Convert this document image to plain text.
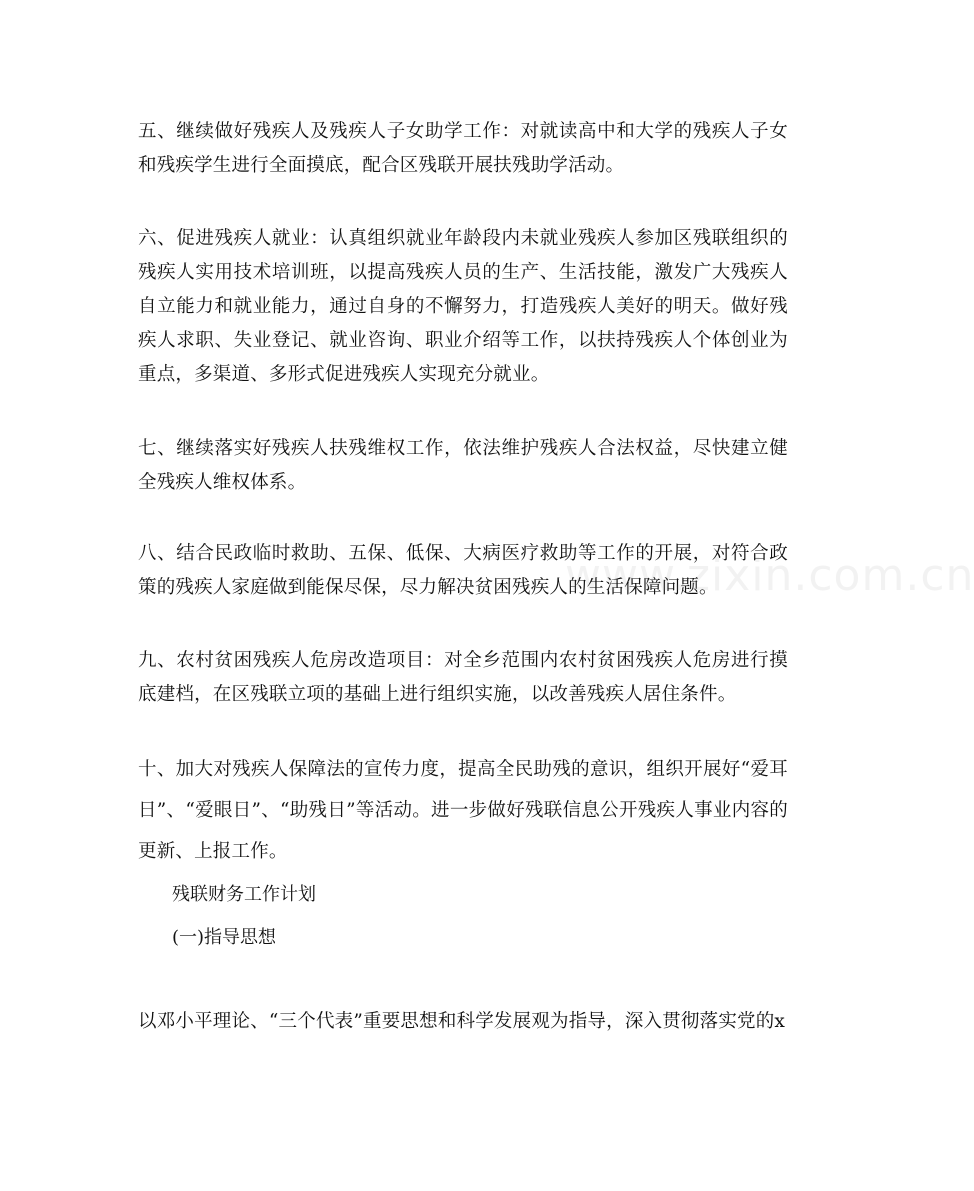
五、继续做好残疾人及残疾人子女助学工作：对就读高中和大学的残疾人子女和残疾学生进行全面摸底，配合区残联开展扶残助学活动。

六、促进残疾人就业：认真组织就业年龄段内未就业残疾人参加区残联组织的残疾人实用技术培训班，以提高残疾人员的生产、生活技能，激发广大残疾人自立能力和就业能力，通过自身的不懈努力，打造残疾人美好的明天。做好残疾人求职、失业登记、就业咨询、职业介绍等工作，以扶持残疾人个体创业为重点，多渠道、多形式促进残疾人实现充分就业。

七、继续落实好残疾人扶残维权工作，依法维护残疾人合法权益，尽快建立健全残疾人维权体系。

八、结合民政临时救助、五保、低保、大病医疗救助等工作的开展，对符合政策的残疾人家庭做到能保尽保，尽力解决贫困残疾人的生活保障问题。

九、农村贫困残疾人危房改造项目：对全乡范围内农村贫困残疾人危房进行摸底建档，在区残联立项的基础上进行组织实施，以改善残疾人居住条件。

十、加大对残疾人保障法的宣传力度，提高全民助残的意识，组织开展好“爱耳日”、“爱眼日”、“助残日”等活动。进一步做好残联信息公开残疾人事业内容的更新、上报工作。

残联财务工作计划

(一)指导思想

以邓小平理论、“三个代表”重要思想和科学发展观为指导，深入贯彻落实党的x

www.zixin.com.cn
